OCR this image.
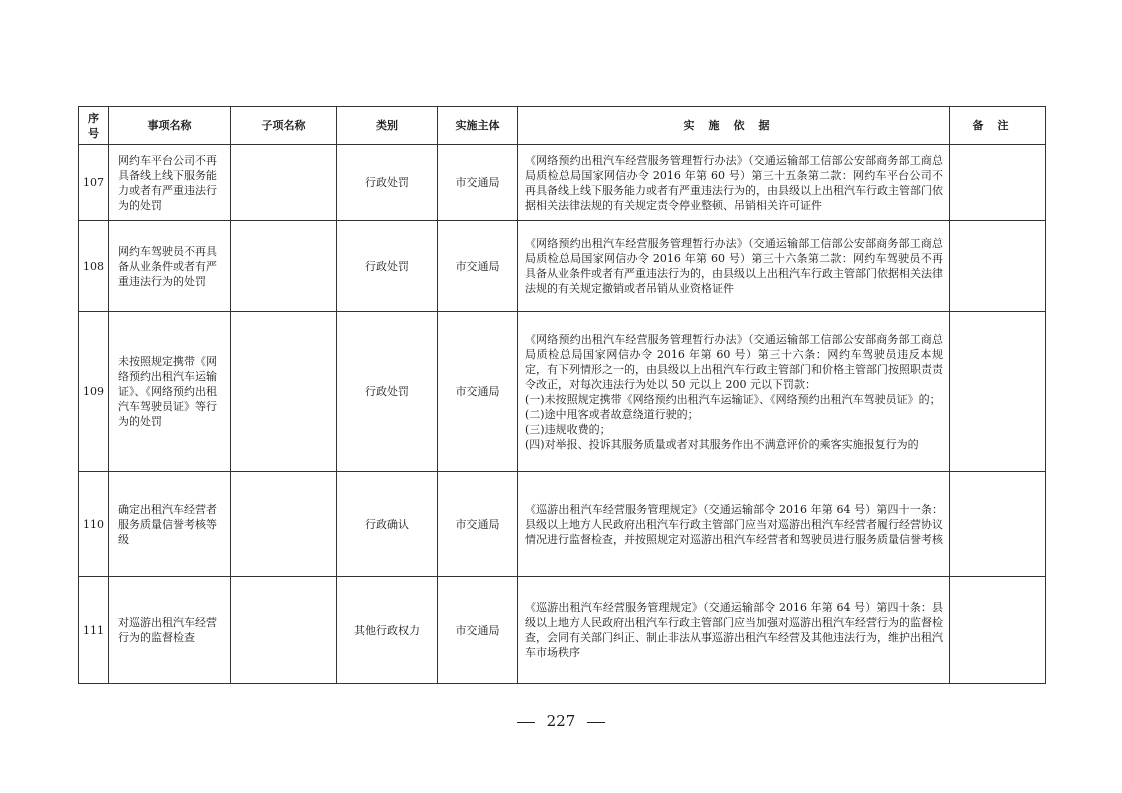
序
号	事项名称	子项名称	类别	实施主体	实施依据	备注
107	网约车平台公司不再具备线上线下服务能力或者有严重违法行为的处罚		行政处罚	市交通局	《网络预约出租汽车经营服务管理暂行办法》（交通运输部工信部公安部商务部工商总局质检总局国家网信办令 2016 年第 60 号）第三十五条第二款：网约车平台公司不再具备线上线下服务能力或者有严重违法行为的，由县级以上出租汽车行政主管部门依据相关法律法规的有关规定责令停业整顿、吊销相关许可证件	

108	网约车驾驶员不再具备从业条件或者有严重违法行为的处罚		行政处罚	市交通局	《网络预约出租汽车经营服务管理暂行办法》（交通运输部工信部公安部商务部工商总局质检总局国家网信办令 2016 年第 60 号）第三十六条第二款：网约车驾驶员不再具备从业条件或者有严重违法行为的，由县级以上出租汽车行政主管部门依据相关法律法规的有关规定撤销或者吊销从业资格证件	

109	未按照规定携带《网络预约出租汽车运输证》、《网络预约出租汽车驾驶员证》等行为的处罚		行政处罚	市交通局	《网络预约出租汽车经营服务管理暂行办法》（交通运输部工信部公安部商务部工商总局质检总局国家网信办令 2016 年第 60 号）第三十六条：网约车驾驶员违反本规定，有下列情形之一的，由县级以上出租汽车行政主管部门和价格主管部门按照职责责令改正，对每次违法行为处以 50 元以上 200 元以下罚款：
(一)未按照规定携带《网络预约出租汽车运输证》、《网络预约出租汽车驾驶员证》的；
(二)途中甩客或者故意绕道行驶的；
(三)违规收费的；
(四)对举报、投诉其服务质量或者对其服务作出不满意评价的乘客实施报复行为的	

110	确定出租汽车经营者服务质量信誉考核等级		行政确认	市交通局	《巡游出租汽车经营服务管理规定》（交通运输部令 2016 年第 64 号）第四十一条：县级以上地方人民政府出租汽车行政主管部门应当对巡游出租汽车经营者履行经营协议情况进行监督检查，并按照规定对巡游出租汽车经营者和驾驶员进行服务质量信誉考核	

111	对巡游出租汽车经营行为的监督检查		其他行政权力	市交通局	《巡游出租汽车经营服务管理规定》（交通运输部令 2016 年第 64 号）第四十条：县级以上地方人民政府出租汽车行政主管部门应当加强对巡游出租汽车经营行为的监督检查，会同有关部门纠正、制止非法从事巡游出租汽车经营及其他违法行为，维护出租汽车市场秩序	

227
